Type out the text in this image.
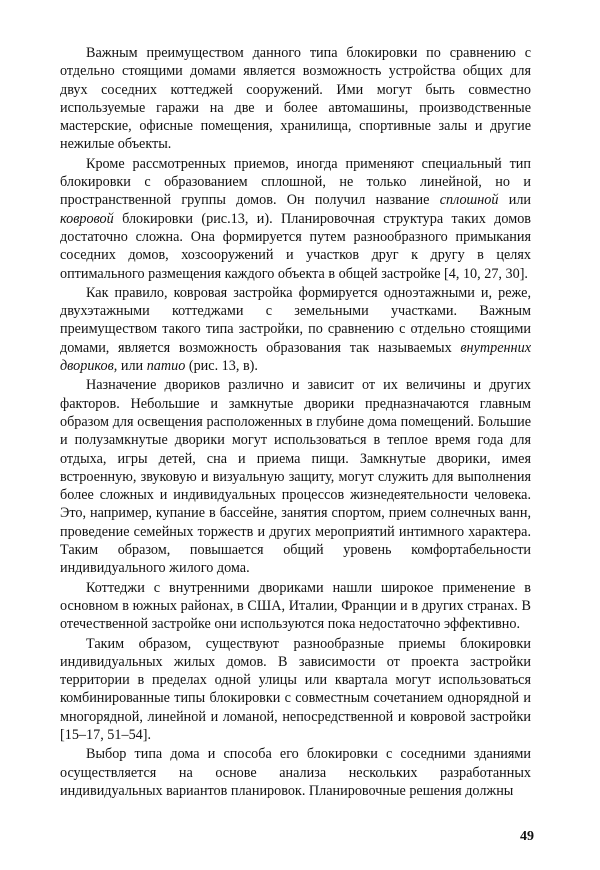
Важным преимуществом данного типа блокировки по сравнению с отдельно стоящими домами является возможность устройства общих для двух соседних коттеджей сооружений. Ими могут быть совместно используемые гаражи на две и более автомашины, производственные мастерские, офисные помещения, хранилища, спортивные залы и другие нежилые объекты.

Кроме рассмотренных приемов, иногда применяют специальный тип блокировки с образованием сплошной, не только линейной, но и пространственной группы домов. Он получил название сплошной или ковровой блокировки (рис.13, и). Планировочная структура таких домов достаточно сложна. Она формируется путем разнообразного примыкания соседних домов, хозсооружений и участков друг к другу в целях оптимального размещения каждого объекта в общей застройке [4, 10, 27, 30].

Как правило, ковровая застройка формируется одноэтажными и, реже, двухэтажными коттеджами с земельными участками. Важным преимуществом такого типа застройки, по сравнению с отдельно стоящими домами, является возможность образования так называемых внутренних двориков, или патио (рис. 13, в).

Назначение двориков различно и зависит от их величины и других факторов. Небольшие и замкнутые дворики предназначаются главным образом для освещения расположенных в глубине дома помещений. Большие и полузамкнутые дворики могут использоваться в теплое время года для отдыха, игры детей, сна и приема пищи. Замкнутые дворики, имея встроенную, звуковую и визуальную защиту, могут служить для выполнения более сложных и индивидуальных процессов жизнедеятельности человека. Это, например, купание в бассейне, занятия спортом, прием солнечных ванн, проведение семейных торжеств и других мероприятий интимного характера. Таким образом, повышается общий уровень комфортабельности индивидуального жилого дома.

Коттеджи с внутренними двориками нашли широкое применение в основном в южных районах, в США, Италии, Франции и в других странах. В отечественной застройке они используются пока недостаточно эффективно.

Таким образом, существуют разнообразные приемы блокировки индивидуальных жилых домов. В зависимости от проекта застройки территории в пределах одной улицы или квартала могут использоваться комбинированные типы блокировки с совместным сочетанием однорядной и многорядной, линейной и ломаной, непосредственной и ковровой застройки [15–17, 51–54].

Выбор типа дома и способа его блокировки с соседними зданиями осуществляется на основе анализа нескольких разработанных индивидуальных вариантов планировок. Планировочные решения должны

49
